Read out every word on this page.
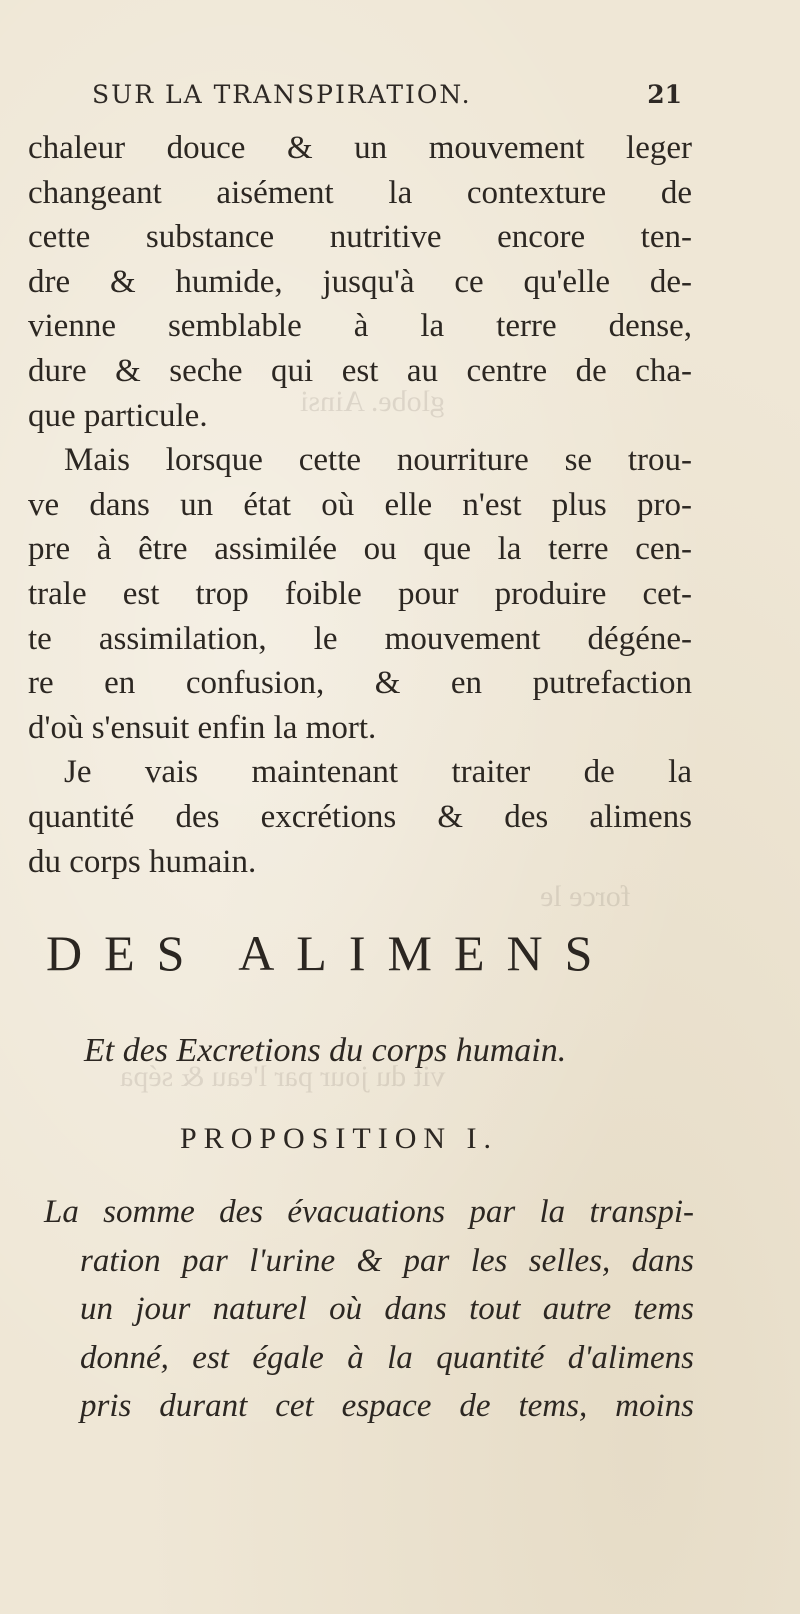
globe. Ainsi
force le
vit du jour par l'eau & sépa
SUR LA TRANSPIRATION.	21
chaleur douce & un mouvement leger
changeant aisément la contexture de
cette substance nutritive encore ten-
dre & humide, jusqu'à ce qu'elle de-
vienne semblable à la terre dense,
dure & seche qui est au centre de cha-
que particule.
Mais lorsque cette nourriture se trou-
ve dans un état où elle n'est plus pro-
pre à être assimilée ou que la terre cen-
trale est trop foible pour produire cet-
te assimilation, le mouvement dégéne-
re en confusion, & en putrefaction
d'où s'ensuit enfin la mort.
Je vais maintenant traiter de la
quantité des excrétions & des alimens
du corps humain.
DES ALIMENS
Et des Excretions du corps humain.
PROPOSITION I.
La somme des évacuations par la transpi-
ration par l'urine & par les selles, dans
un jour naturel où dans tout autre tems
donné, est égale à la quantité d'alimens
pris durant cet espace de tems, moins
